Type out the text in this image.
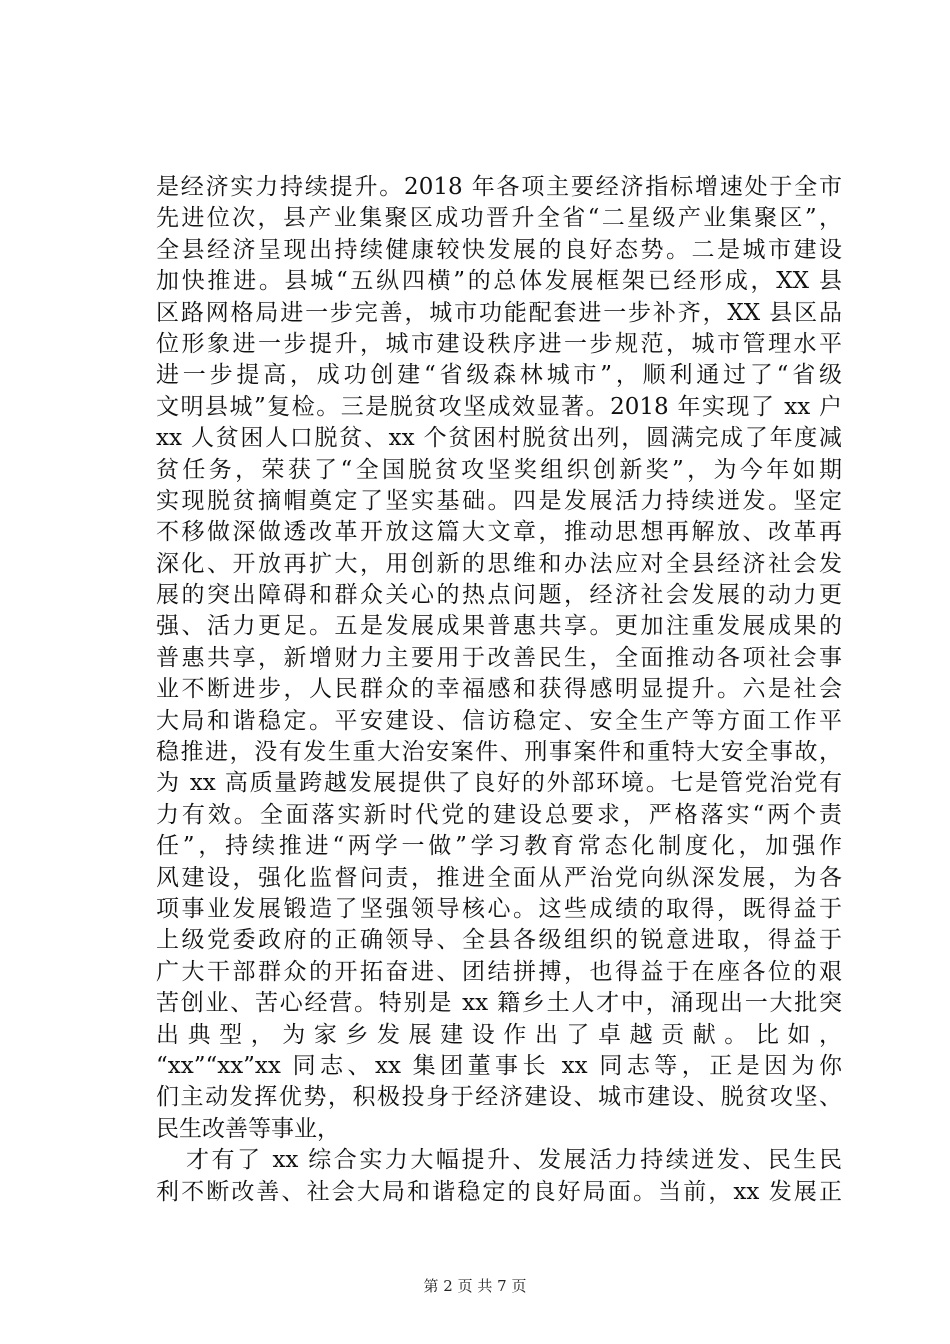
是经济实力持续提升。2018 年各项主要经济指标增速处于全市
先进位次，县产业集聚区成功晋升全省“二星级产业集聚区”，
全县经济呈现出持续健康较快发展的良好态势。二是城市建设
加快推进。县城“五纵四横”的总体发展框架已经形成，XX 县
区路网格局进一步完善，城市功能配套进一步补齐，XX 县区品
位形象进一步提升，城市建设秩序进一步规范，城市管理水平
进一步提高，成功创建“省级森林城市”，顺利通过了“省级
文明县城”复检。三是脱贫攻坚成效显著。2018 年实现了 xx 户
xx 人贫困人口脱贫、xx 个贫困村脱贫出列，圆满完成了年度减
贫任务，荣获了“全国脱贫攻坚奖组织创新奖”，为今年如期
实现脱贫摘帽奠定了坚实基础。四是发展活力持续迸发。坚定
不移做深做透改革开放这篇大文章，推动思想再解放、改革再
深化、开放再扩大，用创新的思维和办法应对全县经济社会发
展的突出障碍和群众关心的热点问题，经济社会发展的动力更
强、活力更足。五是发展成果普惠共享。更加注重发展成果的
普惠共享，新增财力主要用于改善民生，全面推动各项社会事
业不断进步，人民群众的幸福感和获得感明显提升。六是社会
大局和谐稳定。平安建设、信访稳定、安全生产等方面工作平
稳推进，没有发生重大治安案件、刑事案件和重特大安全事故，
为 xx 高质量跨越发展提供了良好的外部环境。七是管党治党有
力有效。全面落实新时代党的建设总要求，严格落实“两个责
任”，持续推进“两学一做”学习教育常态化制度化，加强作
风建设，强化监督问责，推进全面从严治党向纵深发展，为各
项事业发展锻造了坚强领导核心。这些成绩的取得，既得益于
上级党委政府的正确领导、全县各级组织的锐意进取，得益于
广大干部群众的开拓奋进、团结拼搏，也得益于在座各位的艰
苦创业、苦心经营。特别是 xx 籍乡土人才中，涌现出一大批突
出典型，为家乡发展建设作出了卓越贡献。比如，
“xx”“xx”xx 同志、xx 集团董事长 xx 同志等，正是因为你
们主动发挥优势，积极投身于经济建设、城市建设、脱贫攻坚、
民生改善等事业，
才有了 xx 综合实力大幅提升、发展活力持续迸发、民生民
利不断改善、社会大局和谐稳定的良好局面。当前，xx 发展正
第 2 页 共 7 页
